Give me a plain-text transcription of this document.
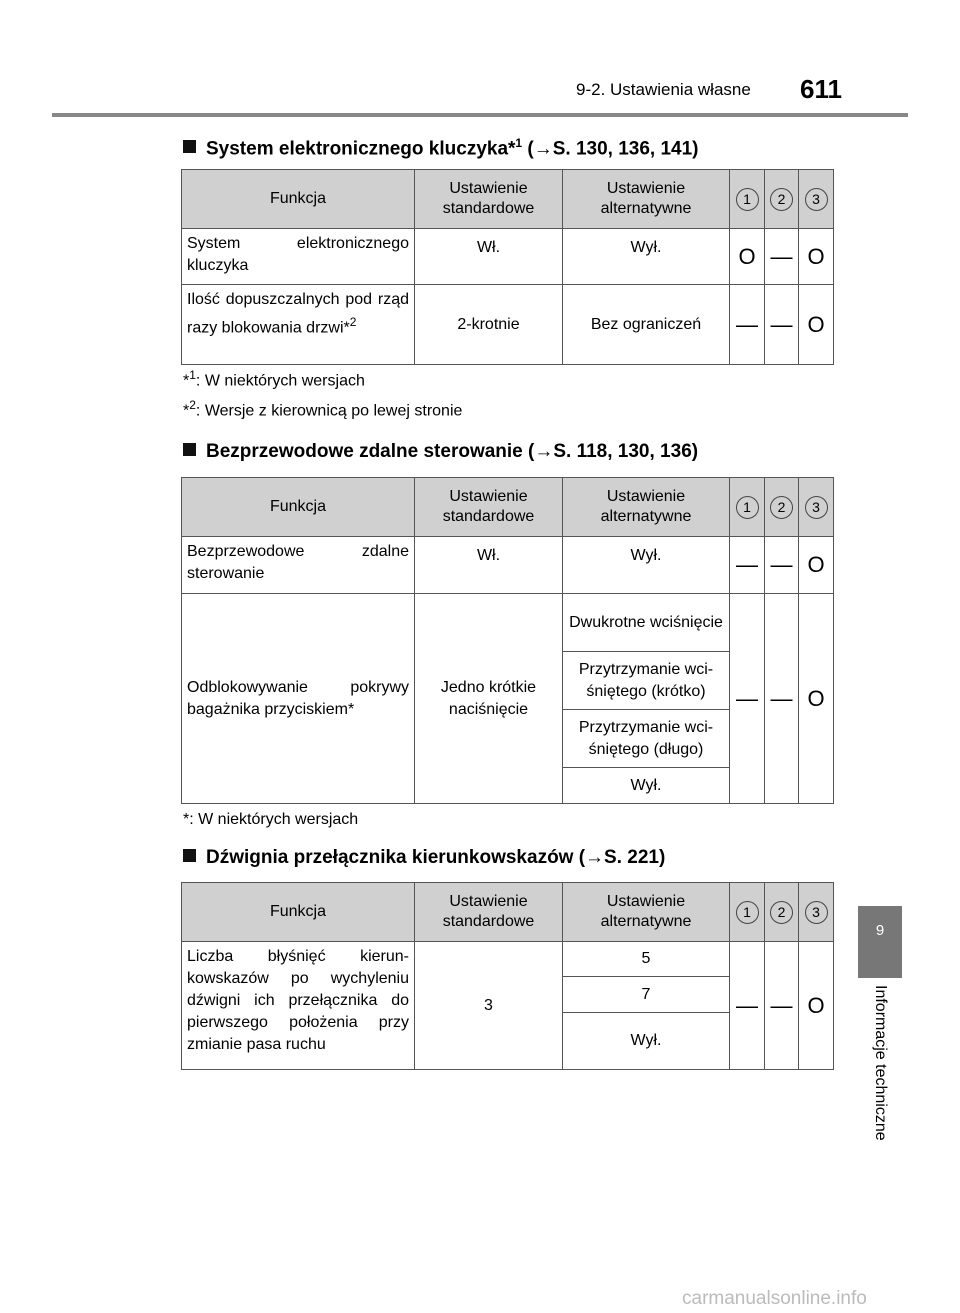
9-2. Ustawienia własne 611
9
Informacje techniczne
System elektronicznego kluczyka*$^1$ (→S. 130, 136, 141)
Funkcja	Ustawienie standardowe	Ustawienie alternatywne	1	2	3
System elektronicznego kluczyka	Wł.	Wył.	O	—	O
Ilość dopuszczalnych pod rząd razy blokowania drzwi*$^2$	2-krotnie	Bez ograniczeń	—	—	O
*$^1$: W niektórych wersjach
*$^2$: Wersje z kierownicą po lewej stronie
Bezprzewodowe zdalne sterowanie (→S. 118, 130, 136)
Funkcja	Ustawienie standardowe	Ustawienie alternatywne	1	2	3
Bezprzewodowe zdalne sterowanie	Wł.	Wył.	—	—	O
Odblokowywanie pokrywy bagażnika przyciskiem*	Jedno krótkie naciśnięcie	Dwukrotne wciśnięcie	—	—	O
		Przytrzymanie wci-śniętego (krótko)			
		Przytrzymanie wci-śniętego (długo)			
		Wył.			
*: W niektórych wersjach
Dźwignia przełącznika kierunkowskazów (→S. 221)
Funkcja	Ustawienie standardowe	Ustawienie alternatywne	1	2	3
Liczba błyśnięć kierun-kowskazów po wychyleniu dźwigni ich przełącznika do pierwszego położenia przy zmianie pasa ruchu	3	5	—	—	O
		7			
		Wył.			
carmanualsonline.info
